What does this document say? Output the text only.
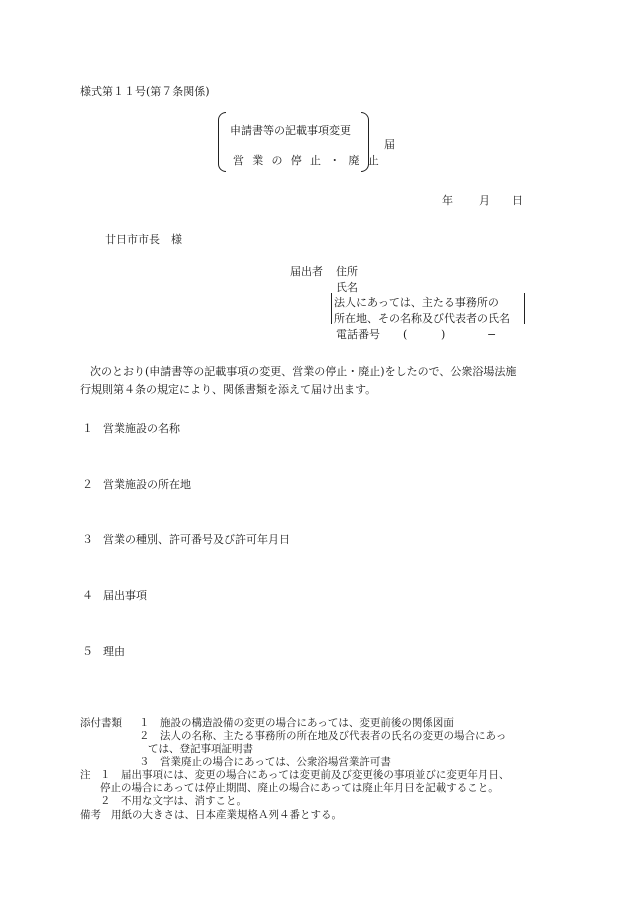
様式第１１号(第７条関係)
申請書等の記載事項変更
営業の停止・廃止
届
年 月 日
廿日市市長　様
届出者 住所
氏名
法人にあっては、主たる事務所の
所在地、その名称及び代表者の氏名
電話番号 (	)	−
次のとおり(申請書等の記載事項の変更、営業の停止・廃止)をしたので、公衆浴場法施
行規則第４条の規定により、関係書類を添えて届け出ます。
１ 営業施設の名称
２ 営業施設の所在地
３ 営業の種別、許可番号及び許可年月日
４ 届出事項
５ 理由
添付書類 １　施設の構造設備の変更の場合にあっては、変更前後の関係図面
２　法人の名称、主たる事務所の所在地及び代表者の氏名の変更の場合にあっ
ては、登記事項証明書
３　営業廃止の場合にあっては、公衆浴場営業許可書
注 １　届出事項には、変更の場合にあっては変更前及び変更後の事項並びに変更年月日、
停止の場合にあっては停止期間、廃止の場合にあっては廃止年月日を記載すること。
２　不用な文字は、消すこと。
備考 用紙の大きさは、日本産業規格Ａ列４番とする。
